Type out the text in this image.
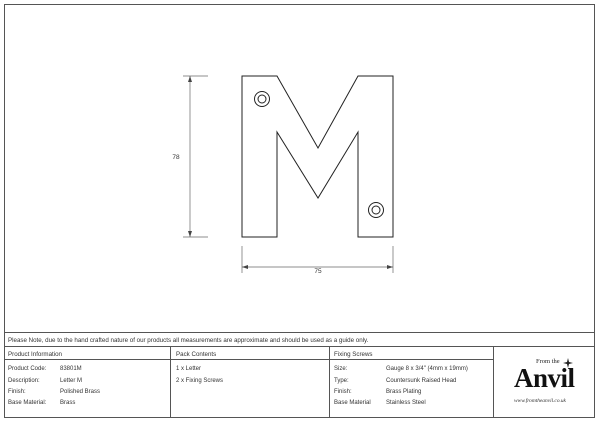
78
75
Please Note, due to the hand crafted nature of our products all measurements are approximate and should be used as a guide only.
Product Information
Product Code: 83801M
Description:	Letter M
Finish:	Polished Brass
Base Material: Brass
Pack Contents
1 x Letter
2 x Fixing Screws
Fixing Screws
Size:	Gauge 8 x 3/4" (4mm x 19mm)
Type:	Countersunk Raised Head
Finish:	Brass Plating
Base Material	Stainless Steel
From the
Anvil
www.fromtheanvil.co.uk
